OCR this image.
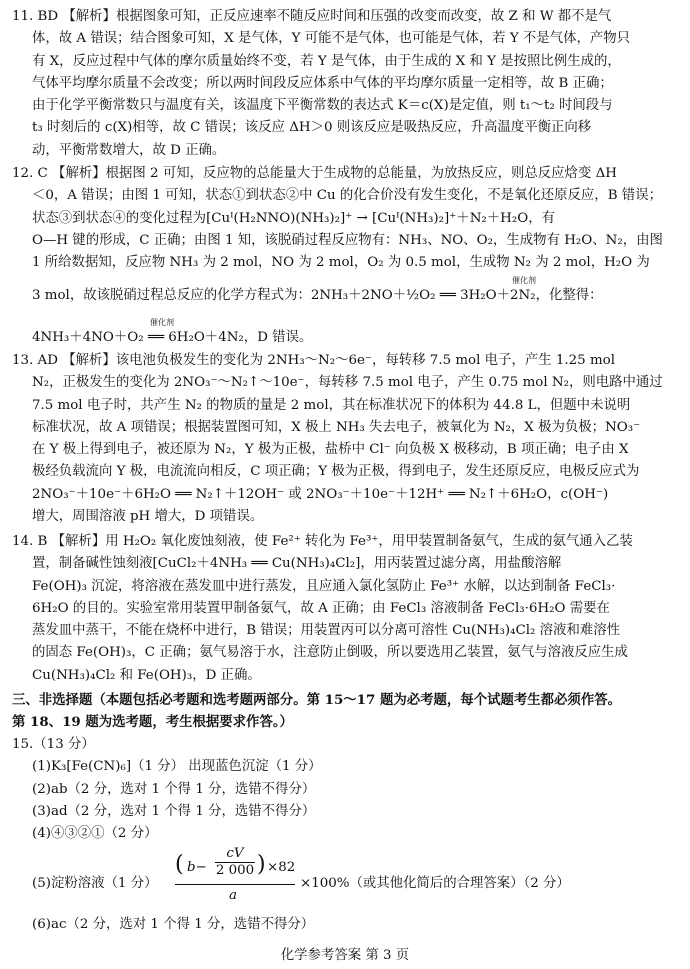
11. BD 【解析】根据图象可知，正反应速率不随反应时间和压强的改变而改变，故 Z 和 W 都不是气
体，故 A 错误；结合图象可知，X 是气体，Y 可能不是气体，也可能是气体，若 Y 不是气体，产物只
有 X，反应过程中气体的摩尔质量始终不变，若 Y 是气体，由于生成的 X 和 Y 是按照比例生成的，
气体平均摩尔质量不会改变；所以两时间段反应体系中气体的平均摩尔质量一定相等，故 B 正确；
由于化学平衡常数只与温度有关，该温度下平衡常数的表达式 K＝c(X)是定值，则 t₁～t₂ 时间段与
t₃ 时刻后的 c(X)相等，故 C 错误；该反应 ΔH＞0 则该反应是吸热反应，升高温度平衡正向移
动，平衡常数增大，故 D 正确。
12. C 【解析】根据图 2 可知，反应物的总能量大于生成物的总能量，为放热反应，则总反应焓变 ΔH
＜0，A 错误；由图 1 可知，状态①到状态②中 Cu 的化合价没有发生变化，不是氧化还原反应，B 错误；
状态③到状态④的变化过程为[Cuᴵ(H₂NNO)(NH₃)₂]⁺ → [Cuᴵ(NH₃)₂]⁺＋N₂＋H₂O，有
O—H 键的形成，C 正确；由图 1 知，该脱硝过程反应物有：NH₃、NO、O₂，生成物有 H₂O、N₂，由图
1 所给数据知，反应物 NH₃ 为 2 mol，NO 为 2 mol，O₂ 为 0.5 mol，生成物 N₂ 为 2 mol，H₂O 为
催化剂
3 mol，故该脱硝过程总反应的化学方程式为：2NH₃＋2NO＋½O₂ ══ 3H₂O＋2N₂，化整得：
催化剂
4NH₃＋4NO＋O₂ ══ 6H₂O＋4N₂，D 错误。
13. AD 【解析】该电池负极发生的变化为 2NH₃～N₂～6e⁻，每转移 7.5 mol 电子，产生 1.25 mol
N₂，正极发生的变化为 2NO₃⁻～N₂↑～10e⁻，每转移 7.5 mol 电子，产生 0.75 mol N₂，则电路中通过
7.5 mol 电子时，共产生 N₂ 的物质的量是 2 mol，其在标准状况下的体积为 44.8 L，但题中未说明
标准状况，故 A 项错误；根据装置图可知，X 极上 NH₃ 失去电子，被氧化为 N₂，X 极为负极；NO₃⁻
在 Y 极上得到电子，被还原为 N₂，Y 极为正极，盐桥中 Cl⁻ 向负极 X 极移动，B 项正确；电子由 X
极经负载流向 Y 极，电流流向相反，C 项正确；Y 极为正极，得到电子，发生还原反应，电极反应式为
2NO₃⁻＋10e⁻＋6H₂O ══ N₂↑＋12OH⁻ 或 2NO₃⁻＋10e⁻＋12H⁺ ══ N₂↑＋6H₂O，c(OH⁻)
增大，周围溶液 pH 增大，D 项错误。
14. B 【解析】用 H₂O₂ 氧化废蚀刻液，使 Fe²⁺ 转化为 Fe³⁺，用甲装置制备氨气，生成的氨气通入乙装
置，制备碱性蚀刻液[CuCl₂＋4NH₃ ══ Cu(NH₃)₄Cl₂]，用丙装置过滤分离，用盐酸溶解
Fe(OH)₃ 沉淀，将溶液在蒸发皿中进行蒸发，且应通入氯化氢防止 Fe³⁺ 水解，以达到制备 FeCl₃·
6H₂O 的目的。实验室常用装置甲制备氨气，故 A 正确；由 FeCl₃ 溶液制备 FeCl₃·6H₂O 需要在
蒸发皿中蒸干，不能在烧杯中进行，B 错误；用装置丙可以分离可溶性 Cu(NH₃)₄Cl₂ 溶液和难溶性
的固态 Fe(OH)₃，C 正确；氨气易溶于水，注意防止倒吸，所以要选用乙装置，氨气与溶液反应生成
Cu(NH₃)₄Cl₂ 和 Fe(OH)₃，D 正确。
三、非选择题（本题包括必考题和选考题两部分。第 15～17 题为必考题，每个试题考生都必须作答。
第 18、19 题为选考题，考生根据要求作答。）
15.（13 分）
(1)K₃[Fe(CN)₆]（1 分） 出现蓝色沉淀（1 分）
(2)ab（2 分，选对 1 个得 1 分，选错不得分）
(3)ad（2 分，选对 1 个得 1 分，选错不得分）
(4)④③②①（2 分）
(5)淀粉溶液（1 分）
( b−
cV
2 000 ) ×82
a
×100%（或其他化简后的合理答案）（2 分）
(6)ac（2 分，选对 1 个得 1 分，选错不得分）
化学参考答案 第 3 页
